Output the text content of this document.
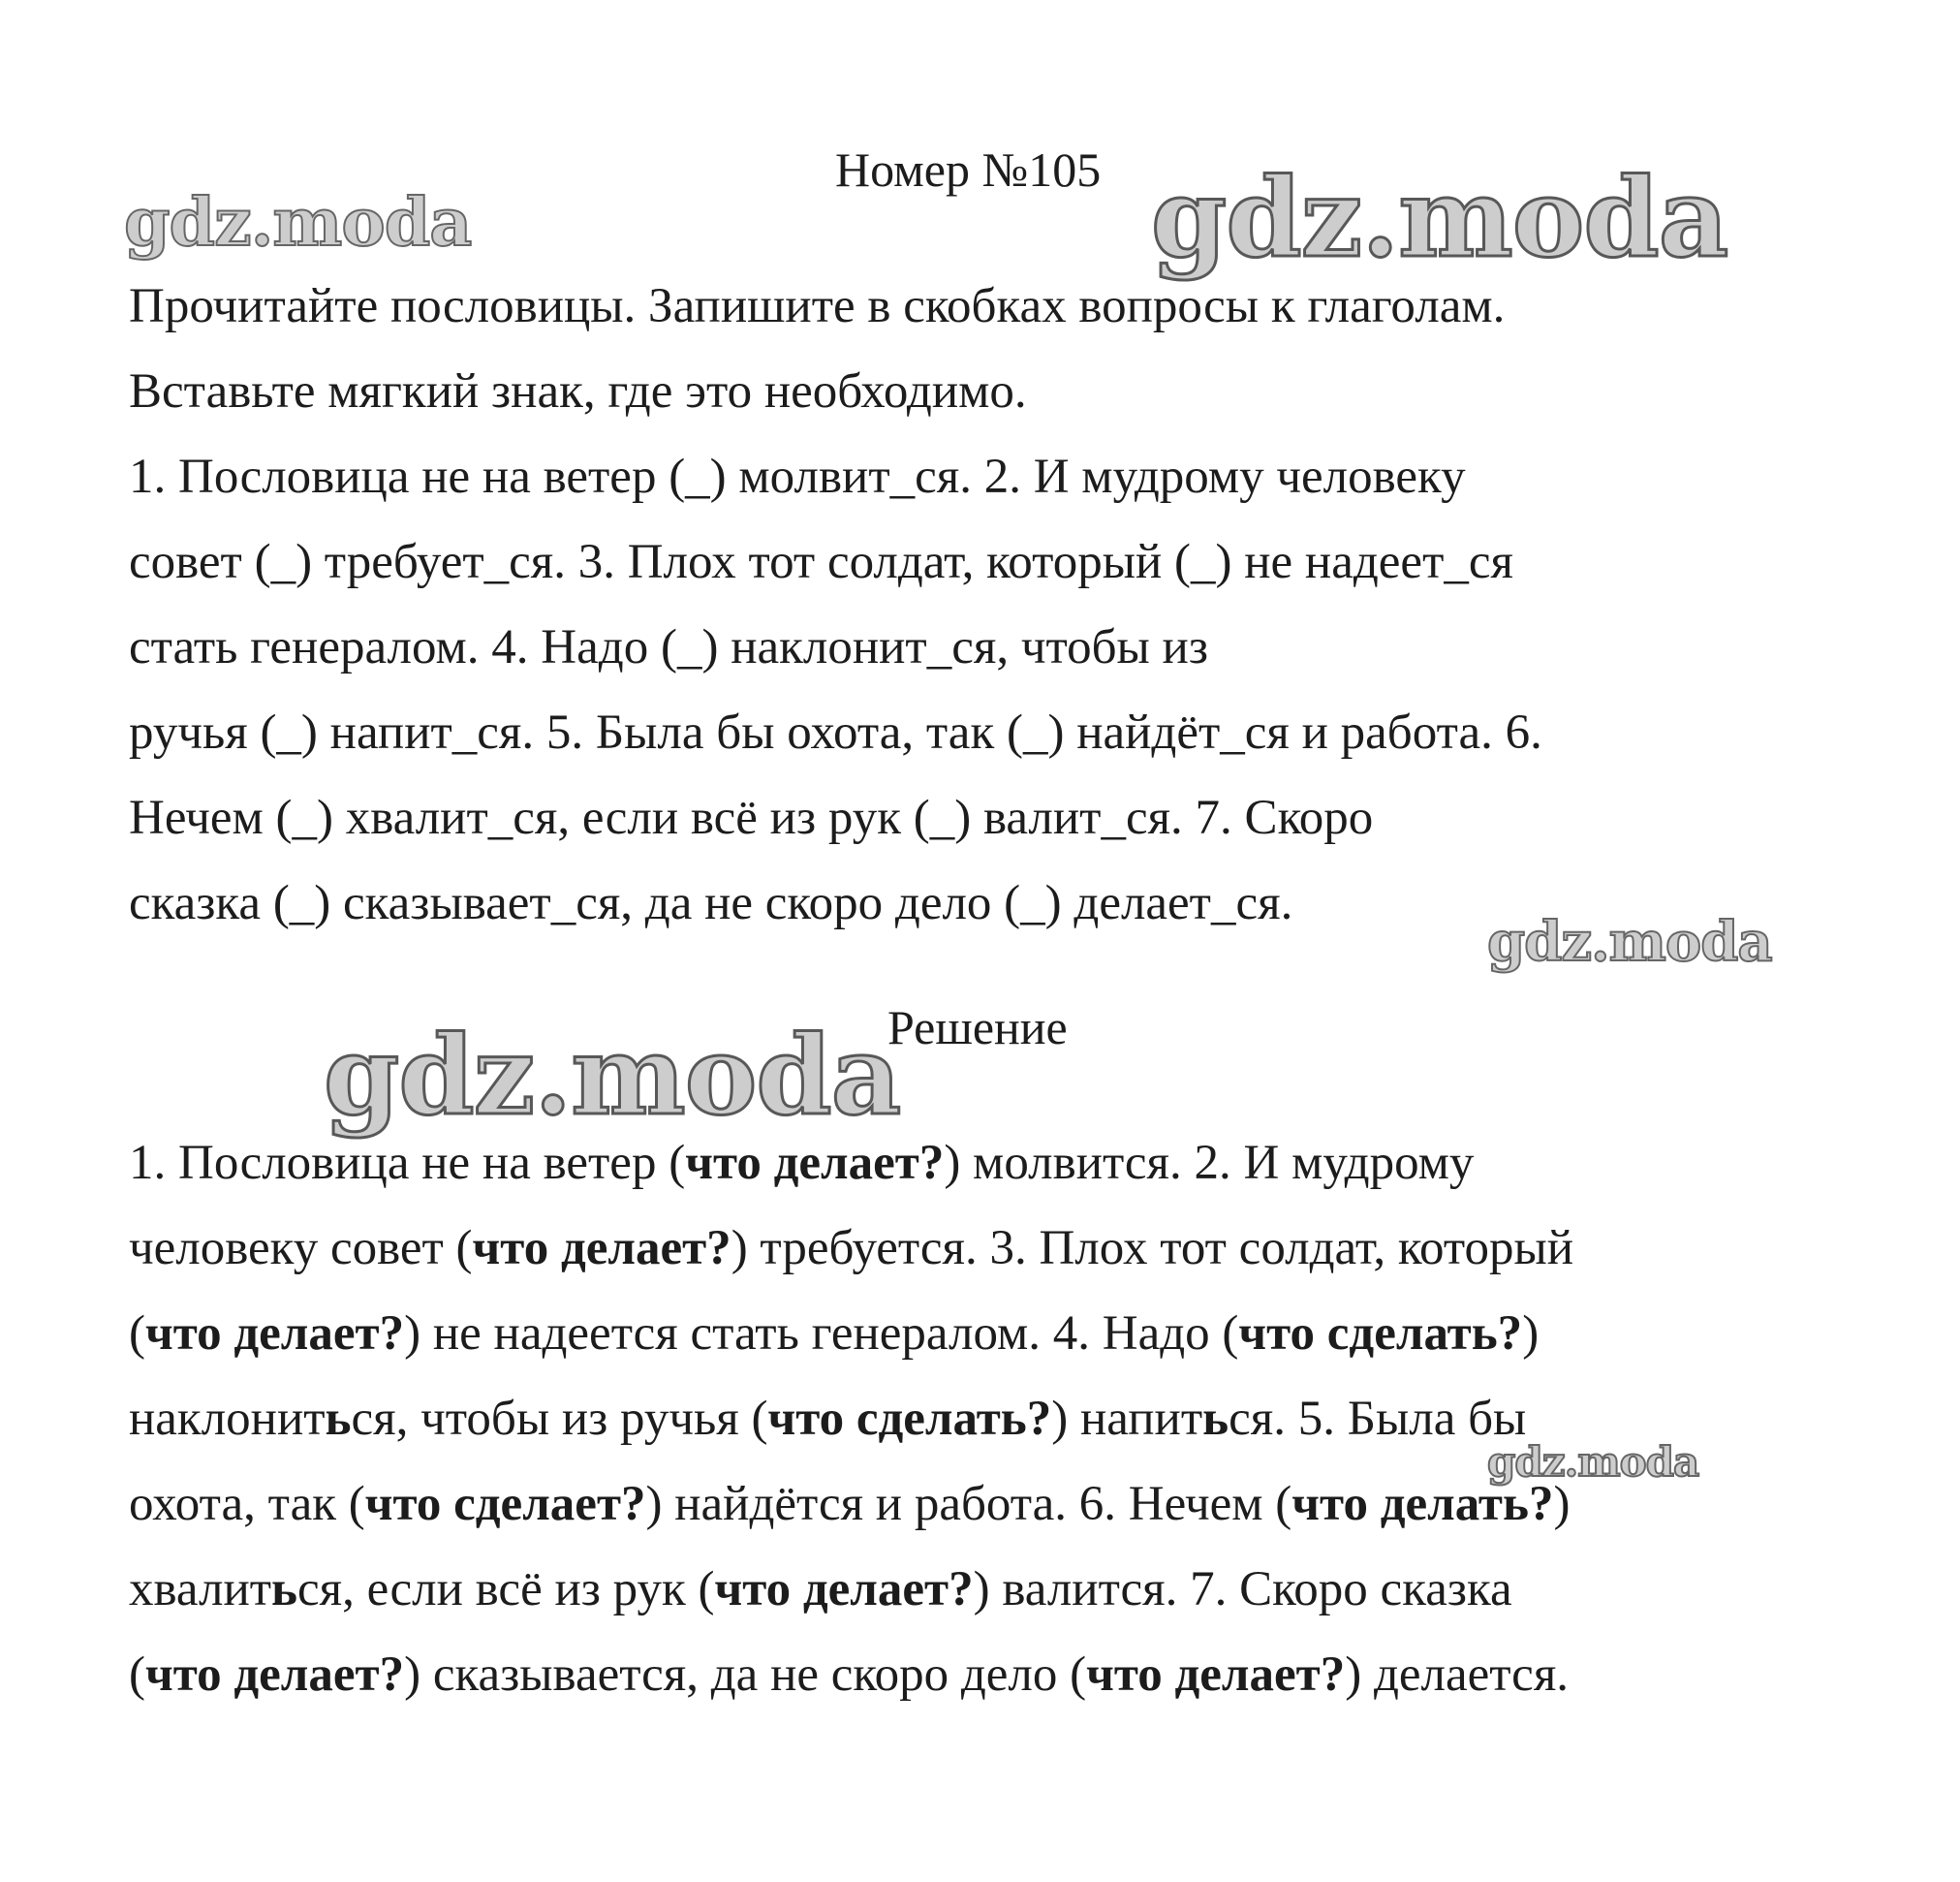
Номер №105
Прочитайте пословицы. Запишите в скобках вопросы к глаголам.
Вставьте мягкий знак, где это необходимо.
1. Пословица не на ветер (_) молвит_ся. 2. И мудрому человеку
совет (_) требует_ся. 3. Плох тот солдат, который (_) не надеет_ся
стать генералом. 4. Надо (_) наклонит_ся, чтобы из
ручья (_) напит_ся. 5. Была бы охота, так (_) найдёт_ся и работа. 6.
Нечем (_) хвалит_ся, если всё из рук (_) валит_ся. 7. Скоро
сказка (_) сказывает_ся, да не скоро дело (_) делает_ся.
Решение
1. Пословица не на ветер (что делает?) молвится. 2. И мудрому
человеку совет (что делает?) требуется. 3. Плох тот солдат, который
(что делает?) не надеется стать генералом. 4. Надо (что сделать?)
наклониться, чтобы из ручья (что сделать?) напиться. 5. Была бы
охота, так (что сделает?) найдётся и работа. 6. Нечем (что делать?)
хвалиться, если всё из рук (что делает?) валится. 7. Скоро сказка
(что делает?) сказывается, да не скоро дело (что делает?) делается.
gdz.moda	gdz.moda
gdz.moda
gdz.moda
gdz.moda
